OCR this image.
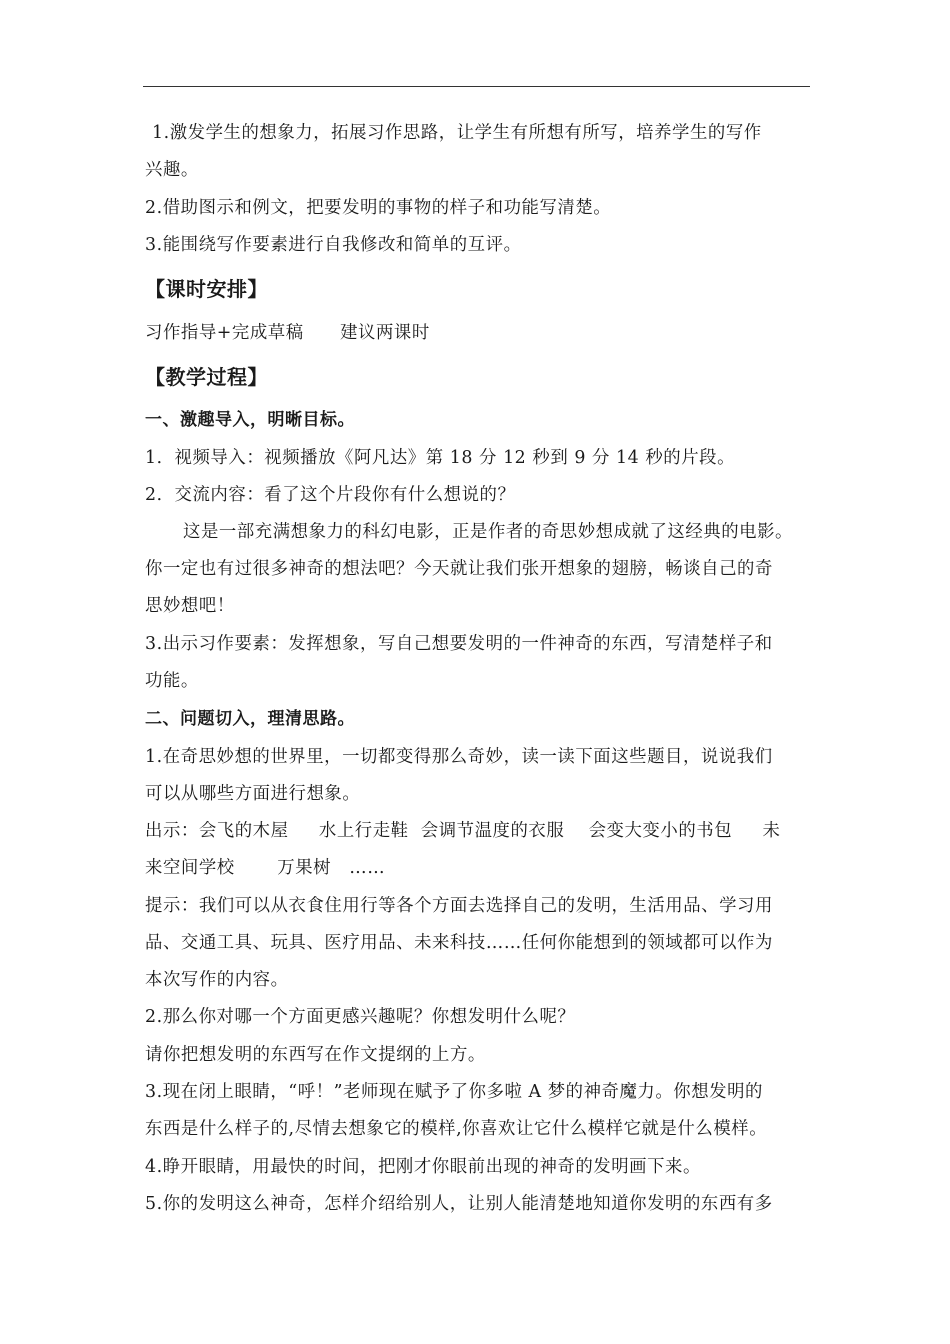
1.激发学生的想象力，拓展习作思路，让学生有所想有所写，培养学生的写作
兴趣。
2.借助图示和例文，把要发明的事物的样子和功能写清楚。
3.能围绕写作要素进行自我修改和简单的互评。
【课时安排】
习作指导+完成草稿      建议两课时
【教学过程】
一、激趣导入，明晰目标。
1．视频导入：视频播放《阿凡达》第 18 分 12 秒到 9 分 14 秒的片段。
2．交流内容：看了这个片段你有什么想说的？
这是一部充满想象力的科幻电影，正是作者的奇思妙想成就了这经典的电影。
你一定也有过很多神奇的想法吧？今天就让我们张开想象的翅膀，畅谈自己的奇
思妙想吧！
3.出示习作要素：发挥想象，写自己想要发明的一件神奇的东西，写清楚样子和
功能。
二、问题切入，理清思路。
1.在奇思妙想的世界里，一切都变得那么奇妙，读一读下面这些题目，说说我们
可以从哪些方面进行想象。
出示：会飞的木屋     水上行走鞋  会调节温度的衣服    会变大变小的书包     未
来空间学校       万果树   ……
提示：我们可以从衣食住用行等各个方面去选择自己的发明，生活用品、学习用
品、交通工具、玩具、医疗用品、未来科技……任何你能想到的领域都可以作为
本次写作的内容。
2.那么你对哪一个方面更感兴趣呢？你想发明什么呢？
请你把想发明的东西写在作文提纲的上方。
3.现在闭上眼睛，“呼！”老师现在赋予了你多啦 A 梦的神奇魔力。你想发明的
东西是什么样子的,尽情去想象它的模样,你喜欢让它什么模样它就是什么模样。
4.睁开眼睛，用最快的时间，把刚才你眼前出现的神奇的发明画下来。
5.你的发明这么神奇，怎样介绍给别人，让别人能清楚地知道你发明的东西有多
